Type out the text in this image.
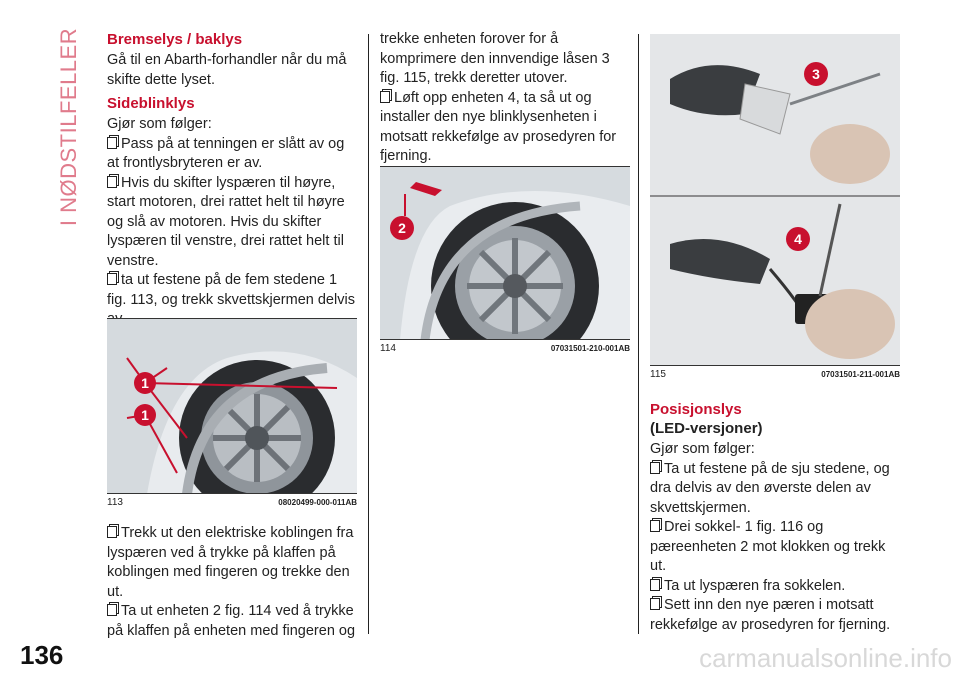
I NØDSTILFELLER
136
Bremselys / baklys

Gå til en Abarth-forhandler når du må skifte dette lyset.

Sideblinklys

Gjør som følger:

Pass på at tenningen er slått av og at frontlysbryteren er av.

Hvis du skifter lyspæren til høyre, start motoren, drei rattet helt til høyre og slå av motoren. Hvis du skifter lyspæren til venstre, drei rattet helt til venstre.

ta ut festene på de fem stedene 1 fig. 113, og trekk skvettskjermen delvis

Trekk ut den elektriske koblingen fra lyspæren ved å trykke på klaffen på koblingen med fingeren og trekke den ut.

Ta ut enheten 2 fig. 114 ved å trykke på klaffen på enheten med fingeren og

1
1
113	08020499-000-011AB

trekke enheten forover for å komprimere den innvendige låsen 3 fig. 115, trekk deretter utover.

Løft opp enheten 4, ta så ut og installer den nye blinklysenheten i motsatt rekkefølge av prosedyren for fjerning.

2
114	07031501-210-001AB
3
4
115	07031501-211-001AB
Posisjonslys
(LED-versjoner)

Gjør som følger:

Ta ut festene på de sju stedene, og dra delvis av den øverste delen av skvettskjermen.

Drei sokkel- 1 fig. 116 og pæreenheten 2 mot klokken og trekk ut.

Ta ut lyspæren fra sokkelen.

Sett inn den nye pæren i motsatt rekkefølge av prosedyren for fjerning.

carmanualsonline.info
